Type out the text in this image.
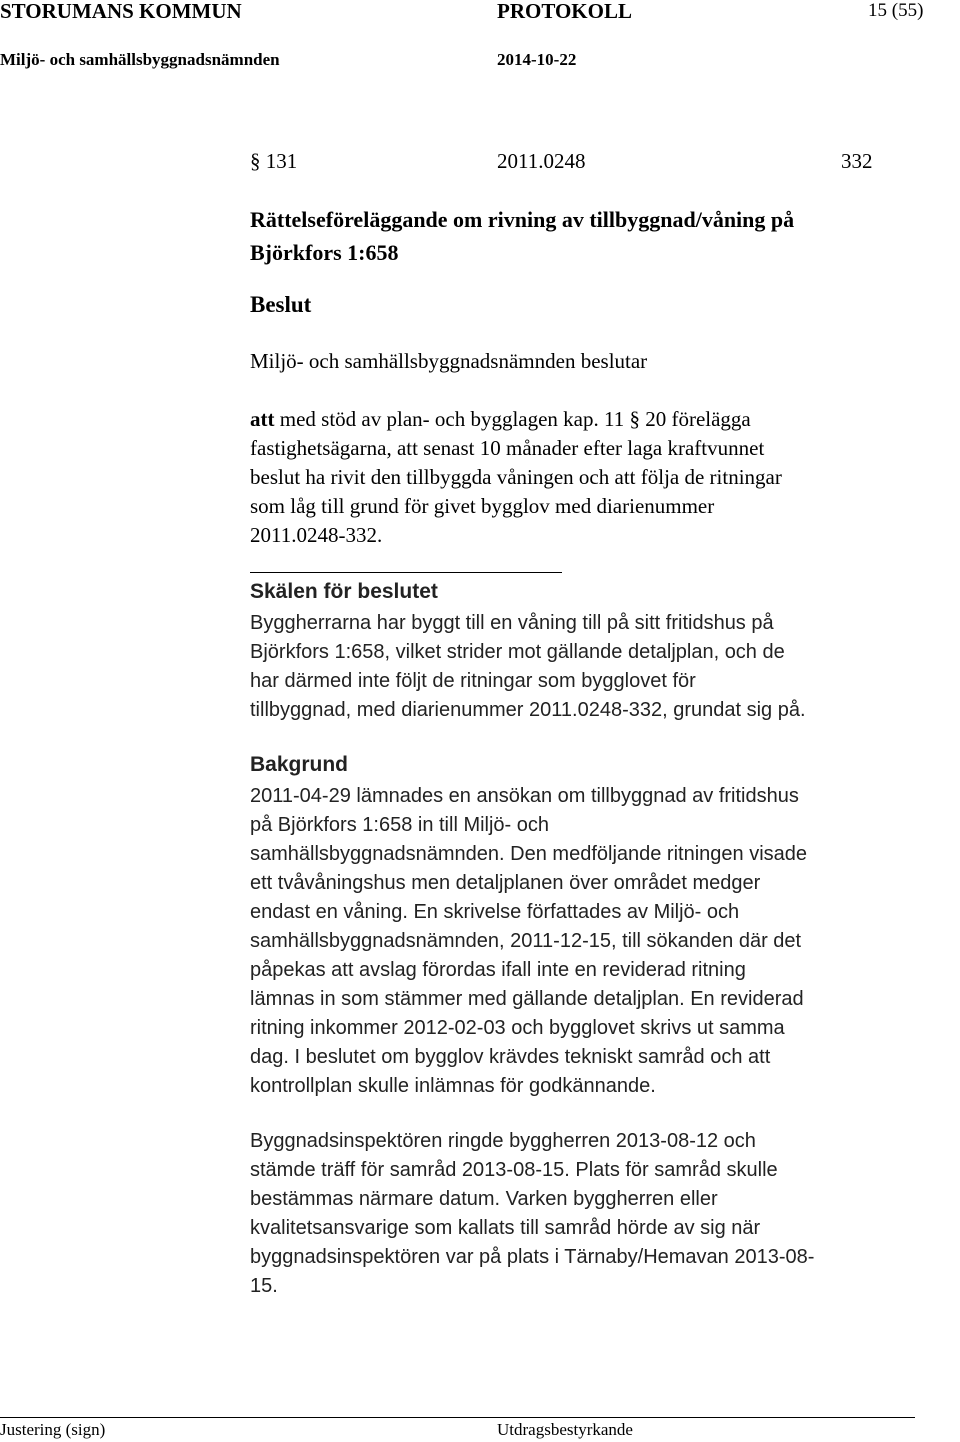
STORUMANS KOMMUN	PROTOKOLL	15 (55)
Miljö- och samhällsbyggnadsnämnden	2014-10-22
§ 131	2011.0248	332
Rättelseföreläggande om rivning av tillbyggnad/våning på
Björkfors 1:658
Beslut
Miljö- och samhällsbyggnadsnämnden beslutar
att med stöd av plan- och bygglagen kap. 11 § 20 förelägga
fastighetsägarna, att senast 10 månader efter laga kraftvunnet
beslut ha rivit den tillbyggda våningen och att följa de ritningar
som låg till grund för givet bygglov med diarienummer
2011.0248-332.
Skälen för beslutet
Byggherrarna har byggt till en våning till på sitt fritidshus på
Björkfors 1:658, vilket strider mot gällande detaljplan, och de
har därmed inte följt de ritningar som bygglovet för
tillbyggnad, med diarienummer 2011.0248-332, grundat sig på.
Bakgrund
2011-04-29 lämnades en ansökan om tillbyggnad av fritidshus
på Björkfors 1:658 in till Miljö- och
samhällsbyggnadsnämnden. Den medföljande ritningen visade
ett tvåvåningshus men detaljplanen över området medger
endast en våning. En skrivelse författades av Miljö- och
samhällsbyggnadsnämnden, 2011-12-15, till sökanden där det
påpekas att avslag förordas ifall inte en reviderad ritning
lämnas in som stämmer med gällande detaljplan. En reviderad
ritning inkommer 2012-02-03 och bygglovet skrivs ut samma
dag. I beslutet om bygglov krävdes tekniskt samråd och att
kontrollplan skulle inlämnas för godkännande.
Byggnadsinspektören ringde byggherren 2013-08-12 och
stämde träff för samråd 2013-08-15. Plats för samråd skulle
bestämmas närmare datum. Varken byggherren eller
kvalitetsansvarige som kallats till samråd hörde av sig när
byggnadsinspektören var på plats i Tärnaby/Hemavan 2013-08-
15.
Justering (sign)	Utdragsbestyrkande
